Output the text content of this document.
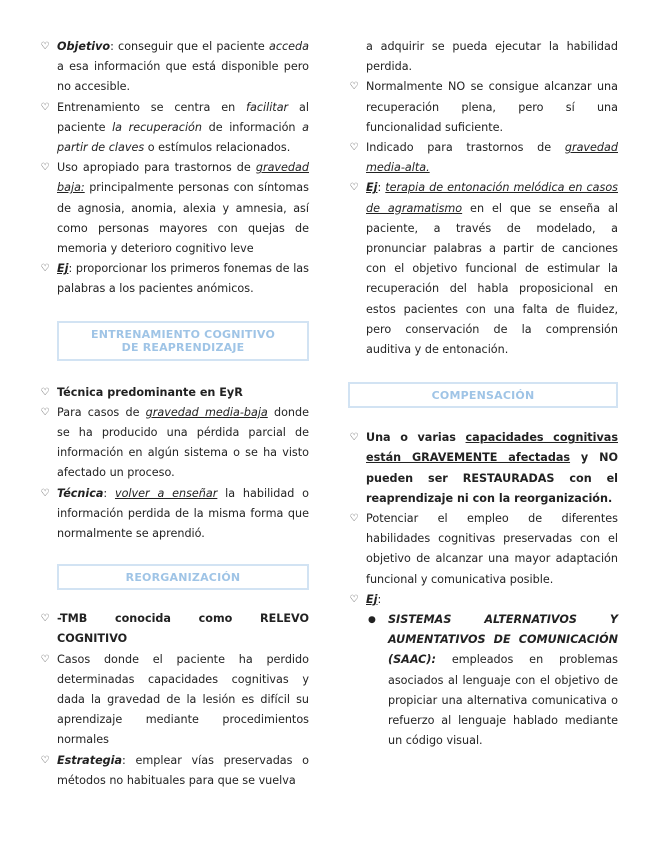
♡ Objetivo: conseguir que el paciente acceda a esa información que está disponible pero no accesible.
♡ Entrenamiento se centra en facilitar al paciente la recuperación de información a partir de claves o estímulos relacionados.
♡ Uso apropiado para trastornos de gravedad baja: principalmente personas con síntomas de agnosia, anomia, alexia y amnesia, así como personas mayores con quejas de memoria y deterioro cognitivo leve
♡ Ej: proporcionar los primeros fonemas de las palabras a los pacientes anómicos.
ENTRENAMIENTO COGNITIVO DE REAPRENDIZAJE
♡ Técnica predominante en EyR
♡ Para casos de gravedad media-baja donde se ha producido una pérdida parcial de información en algún sistema o se ha visto afectado un proceso.
♡ Técnica: volver a enseñar la habilidad o información perdida de la misma forma que normalmente se aprendió.
REORGANIZACIÓN
♡ -TMB conocida como RELEVO COGNITIVO
♡ Casos donde el paciente ha perdido determinadas capacidades cognitivas y dada la gravedad de la lesión es difícil su aprendizaje mediante procedimientos normales
♡ Estrategia: emplear vías preservadas o métodos no habituales para que se vuelva
a adquirir se pueda ejecutar la habilidad perdida.
♡ Normalmente NO se consigue alcanzar una recuperación plena, pero sí una funcionalidad suficiente.
♡ Indicado para trastornos de gravedad media-alta.
♡ Ej: terapia de entonación melódica en casos de agramatismo en el que se enseña al paciente, a través de modelado, a pronunciar palabras a partir de canciones con el objetivo funcional de estimular la recuperación del habla proposicional en estos pacientes con una falta de fluidez, pero conservación de la comprensión auditiva y de entonación.
COMPENSACIÓN
♡ Una o varias capacidades cognitivas están GRAVEMENTE afectadas y NO pueden ser RESTAURADAS con el reaprendizaje ni con la reorganización.
♡ Potenciar el empleo de diferentes habilidades cognitivas preservadas con el objetivo de alcanzar una mayor adaptación funcional y comunicativa posible.
♡ Ej:
● SISTEMAS ALTERNATIVOS Y AUMENTATIVOS DE COMUNICACIÓN (SAAC): empleados en problemas asociados al lenguaje con el objetivo de propiciar una alternativa comunicativa o refuerzo al lenguaje hablado mediante un código visual.
